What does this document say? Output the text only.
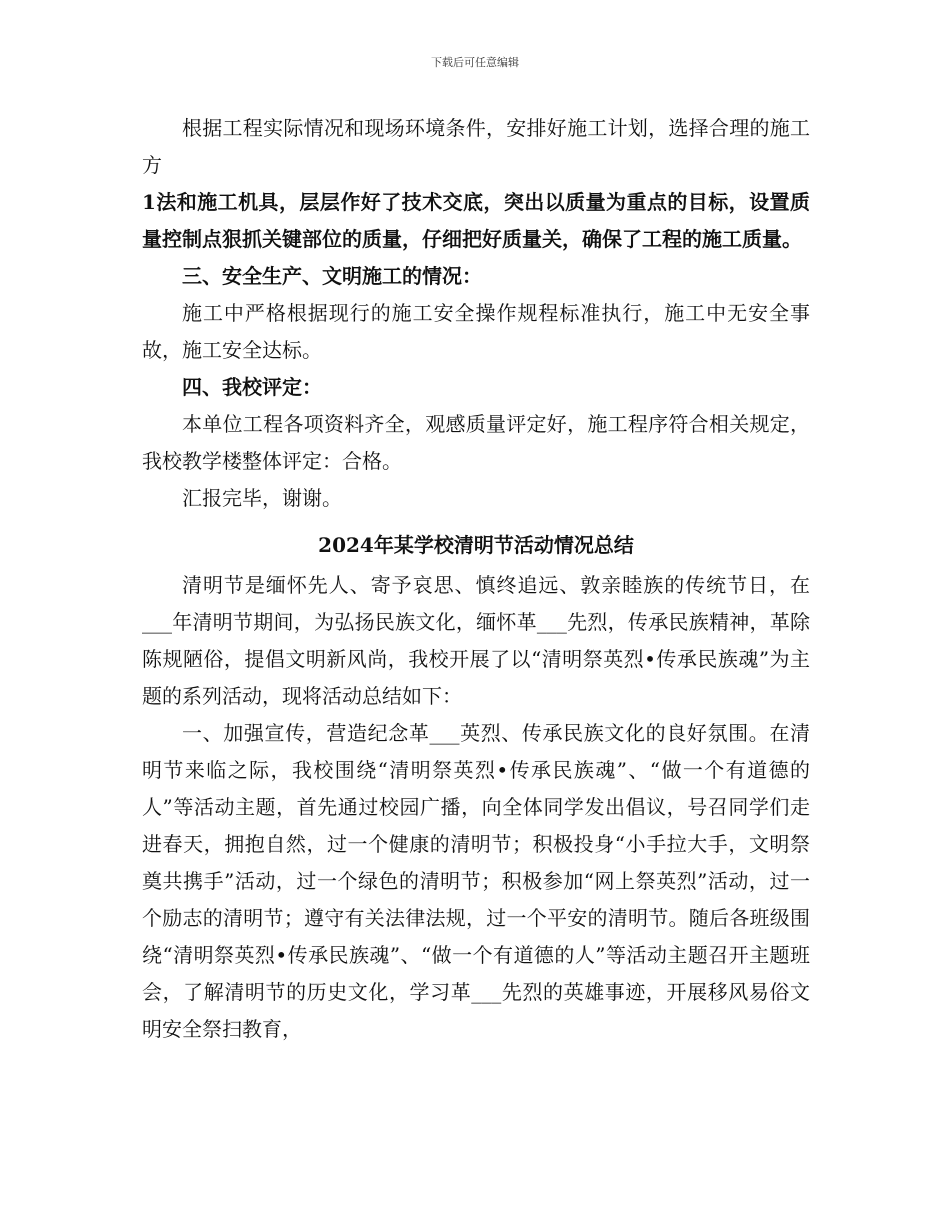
下载后可任意编辑

根据工程实际情况和现场环境条件，安排好施工计划，选择合理的施工方

1法和施工机具，层层作好了技术交底，突出以质量为重点的目标，设置质量控制点狠抓关键部位的质量，仔细把好质量关，确保了工程的施工质量。

三、安全生产、文明施工的情况：

施工中严格根据现行的施工安全操作规程标准执行，施工中无安全事故，施工安全达标。

四、我校评定：

本单位工程各项资料齐全，观感质量评定好，施工程序符合相关规定，我校教学楼整体评定：合格。

汇报完毕，谢谢。

2024年某学校清明节活动情况总结

清明节是缅怀先人、寄予哀思、慎终追远、敦亲睦族的传统节日，在___年清明节期间，为弘扬民族文化，缅怀革___先烈，传承民族精神，革除陈规陋俗，提倡文明新风尚，我校开展了以“清明祭英烈•传承民族魂”为主题的系列活动，现将活动总结如下：

一、加强宣传，营造纪念革___英烈、传承民族文化的良好氛围。在清明节来临之际，我校围绕“清明祭英烈•传承民族魂”、“做一个有道德的人”等活动主题，首先通过校园广播，向全体同学发出倡议，号召同学们走进春天，拥抱自然，过一个健康的清明节；积极投身“小手拉大手，文明祭奠共携手”活动，过一个绿色的清明节；积极参加“网上祭英烈”活动，过一个励志的清明节；遵守有关法律法规，过一个平安的清明节。随后各班级围绕“清明祭英烈•传承民族魂”、“做一个有道德的人”等活动主题召开主题班会，了解清明节的历史文化，学习革___先烈的英雄事迹，开展移风易俗文明安全祭扫教育，
